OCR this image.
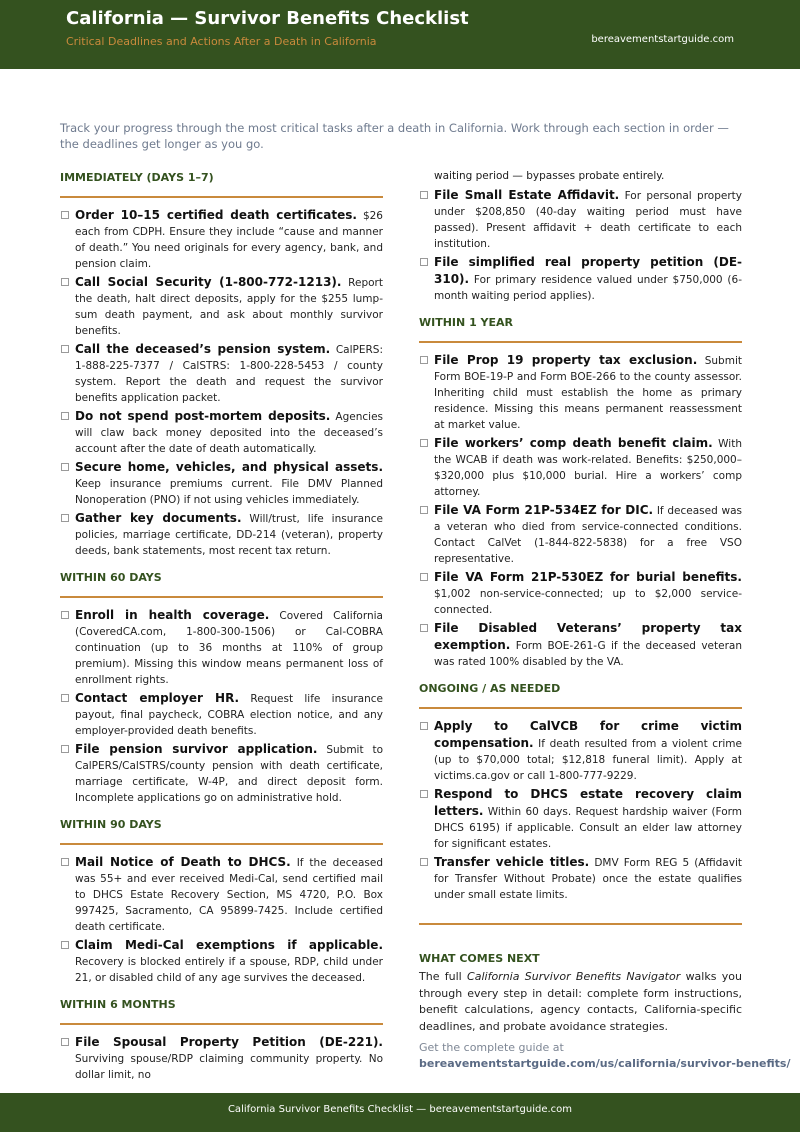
California — Survivor Benefits Checklist
Critical Deadlines and Actions After a Death in California	bereavementstartguide.com
Track your progress through the most critical tasks after a death in California. Work through each section in order — the deadlines get longer as you go.
IMMEDIATELY (DAYS 1–7)
Order 10–15 certified death certificates. $26 each from CDPH. Ensure they include “cause and manner of death.” You need originals for every agency, bank, and pension claim.
Call Social Security (1-800-772-1213). Report the death, halt direct deposits, apply for the $255 lump-sum death payment, and ask about monthly survivor benefits.
Call the deceased’s pension system. CalPERS: 1-888-225-7377 / CalSTRS: 1-800-228-5453 / county system. Report the death and request the survivor benefits application packet.
Do not spend post-mortem deposits. Agencies will claw back money deposited into the deceased’s account after the date of death automatically.
Secure home, vehicles, and physical assets. Keep insurance premiums current. File DMV Planned Nonoperation (PNO) if not using vehicles immediately.
Gather key documents. Will/trust, life insurance policies, marriage certificate, DD-214 (veteran), property deeds, bank statements, most recent tax return.
WITHIN 60 DAYS
Enroll in health coverage. Covered California (CoveredCA.com, 1-800-300-1506) or Cal-COBRA continuation (up to 36 months at 110% of group premium). Missing this window means permanent loss of enrollment rights.
Contact employer HR. Request life insurance payout, final paycheck, COBRA election notice, and any employer-provided death benefits.
File pension survivor application. Submit to CalPERS/CalSTRS/county pension with death certificate, marriage certificate, W-4P, and direct deposit form. Incomplete applications go on administrative hold.
WITHIN 90 DAYS
Mail Notice of Death to DHCS. If the deceased was 55+ and ever received Medi-Cal, send certified mail to DHCS Estate Recovery Section, MS 4720, P.O. Box 997425, Sacramento, CA 95899-7425. Include certified death certificate.
Claim Medi-Cal exemptions if applicable. Recovery is blocked entirely if a spouse, RDP, child under 21, or disabled child of any age survives the deceased.
WITHIN 6 MONTHS
File Spousal Property Petition (DE-221). Surviving spouse/RDP claiming community property. No dollar limit, no
waiting period — bypasses probate entirely.
File Small Estate Affidavit. For personal property under $208,850 (40-day waiting period must have passed). Present affidavit + death certificate to each institution.
File simplified real property petition (DE-310). For primary residence valued under $750,000 (6-month waiting period applies).
WITHIN 1 YEAR
File Prop 19 property tax exclusion. Submit Form BOE-19-P and Form BOE-266 to the county assessor. Inheriting child must establish the home as primary residence. Missing this means permanent reassessment at market value.
File workers’ comp death benefit claim. With the WCAB if death was work-related. Benefits: $250,000–$320,000 plus $10,000 burial. Hire a workers’ comp attorney.
File VA Form 21P-534EZ for DIC. If deceased was a veteran who died from service-connected conditions. Contact CalVet (1-844-822-5838) for a free VSO representative.
File VA Form 21P-530EZ for burial benefits. $1,002 non-service-connected; up to $2,000 service-connected.
File Disabled Veterans’ property tax exemption. Form BOE-261-G if the deceased veteran was rated 100% disabled by the VA.
ONGOING / AS NEEDED
Apply to CalVCB for crime victim compensation. If death resulted from a violent crime (up to $70,000 total; $12,818 funeral limit). Apply at victims.ca.gov or call 1-800-777-9229.
Respond to DHCS estate recovery claim letters. Within 60 days. Request hardship waiver (Form DHCS 6195) if applicable. Consult an elder law attorney for significant estates.
Transfer vehicle titles. DMV Form REG 5 (Affidavit for Transfer Without Probate) once the estate qualifies under small estate limits.
WHAT COMES NEXT
The full California Survivor Benefits Navigator walks you through every step in detail: complete form instructions, benefit calculations, agency contacts, California-specific deadlines, and probate avoidance strategies.
Get the complete guide at
bereavementstartguide.com/us/california/survivor-benefits/
California Survivor Benefits Checklist — bereavementstartguide.com
